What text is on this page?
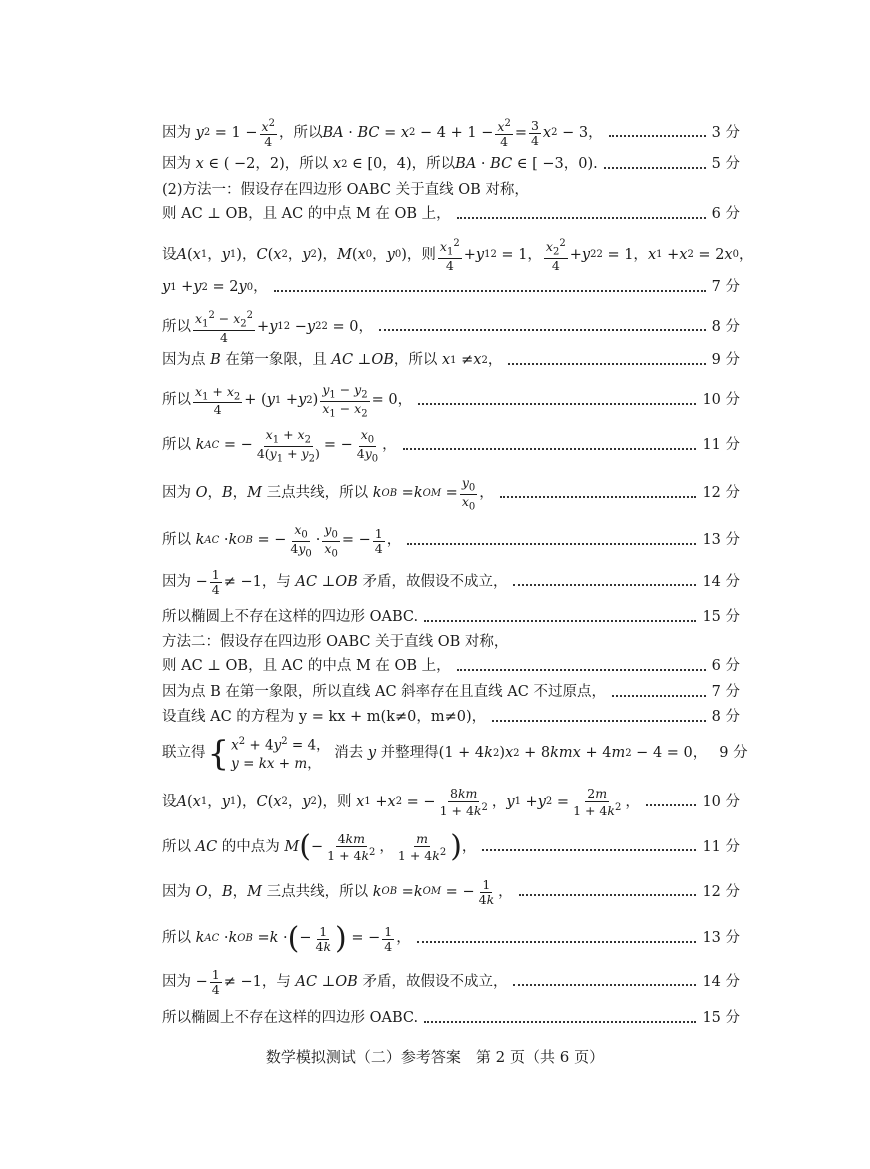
因为 y $2 = 1 - \frac{x^2}{4}$ ，所以 BA · BC = x $2 - 4 + 1 - \frac{x^2}{4} = \frac{3}{4}$ x 2 − 3，	3 分
因为 x ∈ ( −2，2)，所以 x 2 ∈ [0，4)，所以 BA · BC ∈ [ −3，0).	5 分
(2)方法一：假设存在四边形 OABC 关于直线 OB 对称，
则 AC ⊥ OB，且 AC 的中点 M 在 OB 上，	6 分
设 A ( x 1 ， y 1 )， C ( x 2 ， y 2 )， M ( x 0 ， y 0 )，则 $\frac{x_1^2}{4} + y$ 1 2 = 1， $\frac{x_2^2}{4} + y$ 2 2 = 1， x 1 + x 2 = 2 x 0 ，
y 1 + y 2 = 2 y 0 ，	7 分
所以 $\frac{x_1^2 - x_2^2}{4} + y$ 1 2 − y 2 2 = 0，	8 分
因为点 B 在第一象限，且 AC ⊥ OB ，所以 x 1 ≠ x 2 ，	9 分
所以 $\frac{x_1 + x_2}{4}$ + ( y 1 + y 2 ) $\frac{y_1 - y_2}{x_1 - x_2} = 0$，	10 分
所以 k AC = − $\frac{x_1 + x_2}{4(y_1 + y_2)}$ = − $\frac{x_0}{4y_0}$ ，	11 分
因为 O ， B ， M 三点共线，所以 k OB = k OM = $\frac{y_0}{x_0}$ ，	12 分
所以 k AC · k OB = − $\frac{x_0}{4y_0} \cdot \frac{y_0}{x_0}$ = − $\frac{1}{4}$ ，	13 分
因为 − $\frac{1}{4} \ne -1$，与 AC ⊥ OB 矛盾，故假设不成立，	14 分
所以椭圆上不存在这样的四边形 OABC.	15 分
方法二：假设存在四边形 OABC 关于直线 OB 对称，
则 AC ⊥ OB，且 AC 的中点 M 在 OB 上，	6 分
因为点 B 在第一象限，所以直线 AC 斜率存在且直线 AC 不过原点，	7 分
设直线 AC 的方程为 y = kx + m(k≠0，m≠0)，	8 分
联立得 { $x^2 + 4y^2 = 4$，
y = kx + m，
消去 y 并整理得(1 + 4 k 2 ) x 2 + 8 kmx + 4 m 2 − 4 = 0， 9 分
设 A ( x 1 ， y 1 )， C ( x 2 ， y 2 )，则 x 1 + x 2 = − $\frac{8km}{1 + 4k^2}$ ， y 1 + y $2 = \frac{2m}{1 + 4k^2}$ ，	10 分
所以 AC 的中点为 M ( − $\frac{4km}{1 + 4k^2}$ ， $\frac{m}{1 + 4k^2}$ ) ，	11 分
因为 O ， B ， M 三点共线，所以 k OB = k OM = − $\frac{1}{4k}$ ，	12 分
所以 k AC · k OB = k · ( − $\frac{1}{4k}$ ) = − $\frac{1}{4}$ ，	13 分
因为 − $\frac{1}{4} \ne -1$，与 AC ⊥ OB 矛盾，故假设不成立，	14 分
所以椭圆上不存在这样的四边形 OABC.	15 分
数学模拟测试（二）参考答案　第 2 页（共 6 页）
